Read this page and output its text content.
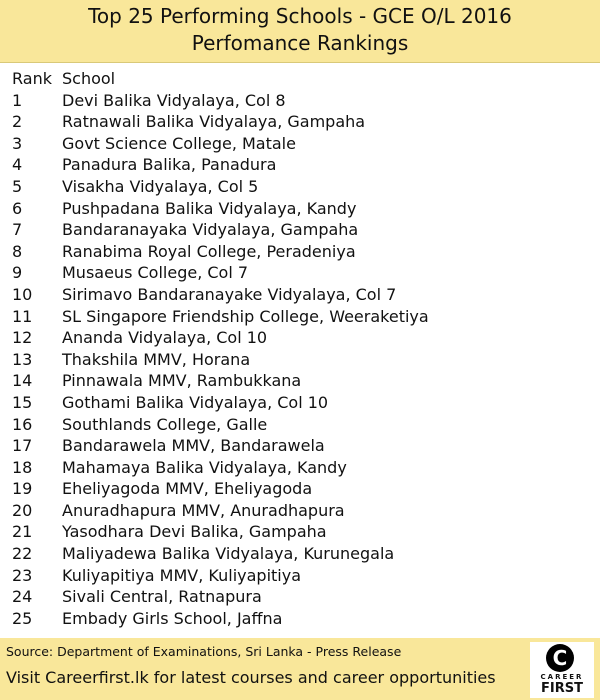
Top 25 Performing Schools - GCE O/L 2016
Perfomance Rankings
Rank School
1 Devi Balika Vidyalaya, Col 8
2 Ratnawali Balika Vidyalaya, Gampaha
3 Govt Science College, Matale
4 Panadura Balika, Panadura
5 Visakha Vidyalaya, Col 5
6 Pushpadana Balika Vidyalaya, Kandy
7 Bandaranayaka Vidyalaya, Gampaha
8 Ranabima Royal College, Peradeniya
9 Musaeus College, Col 7
10 Sirimavo Bandaranayake Vidyalaya, Col 7
11 SL Singapore Friendship College, Weeraketiya
12 Ananda Vidyalaya, Col 10
13 Thakshila MMV, Horana
14 Pinnawala MMV, Rambukkana
15 Gothami Balika Vidyalaya, Col 10
16 Southlands College, Galle
17 Bandarawela MMV, Bandarawela
18 Mahamaya Balika Vidyalaya, Kandy
19 Eheliyagoda MMV, Eheliyagoda
20 Anuradhapura MMV, Anuradhapura
21 Yasodhara Devi Balika, Gampaha
22 Maliyadewa Balika Vidyalaya, Kurunegala
23 Kuliyapitiya MMV, Kuliyapitiya
24 Sivali Central, Ratnapura
25 Embady Girls School, Jaffna
Source: Department of Examinations, Sri Lanka - Press Release
Visit Careerfirst.lk for latest courses and career opportunities
C
CAREER
FIRST
